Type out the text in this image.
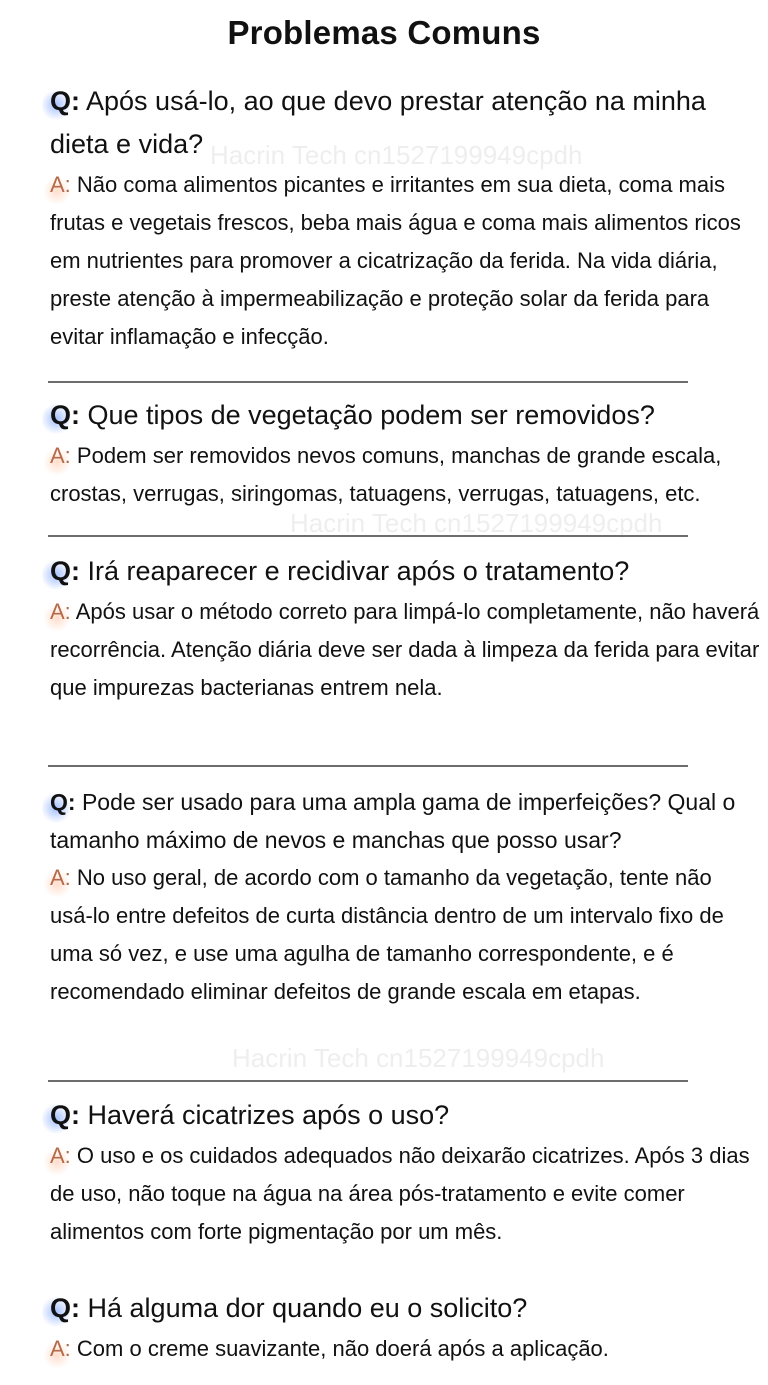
Problemas Comuns
Hacrin Tech cn1527199949cpdh
Hacrin Tech cn1527199949cpdh
Hacrin Tech cn1527199949cpdh
Q: Após usá-lo, ao que devo prestar atenção na minha dieta e vida?
A: Não coma alimentos picantes e irritantes em sua dieta, coma mais frutas e vegetais frescos, beba mais água e coma mais alimentos ricos em nutrientes para promover a cicatrização da ferida. Na vida diária, preste atenção à impermeabilização e proteção solar da ferida para evitar inflamação e infecção.
Q: Que tipos de vegetação podem ser removidos?
A: Podem ser removidos nevos comuns, manchas de grande escala, crostas, verrugas, siringomas, tatuagens, verrugas, tatuagens, etc.
Q: Irá reaparecer e recidivar após o tratamento?
A: Após usar o método correto para limpá-lo completamente, não haverá recorrência. Atenção diária deve ser dada à limpeza da ferida para evitar que impurezas bacterianas entrem nela.
Q: Pode ser usado para uma ampla gama de imperfeições? Qual o tamanho máximo de nevos e manchas que posso usar?
A: No uso geral, de acordo com o tamanho da vegetação, tente não usá-lo entre defeitos de curta distância dentro de um intervalo fixo de uma só vez, e use uma agulha de tamanho correspondente, e é recomendado eliminar defeitos de grande escala em etapas.
Q: Haverá cicatrizes após o uso?
A: O uso e os cuidados adequados não deixarão cicatrizes. Após 3 dias de uso, não toque na água na área pós-tratamento e evite comer alimentos com forte pigmentação por um mês.
Q: Há alguma dor quando eu o solicito?
A: Com o creme suavizante, não doerá após a aplicação.
